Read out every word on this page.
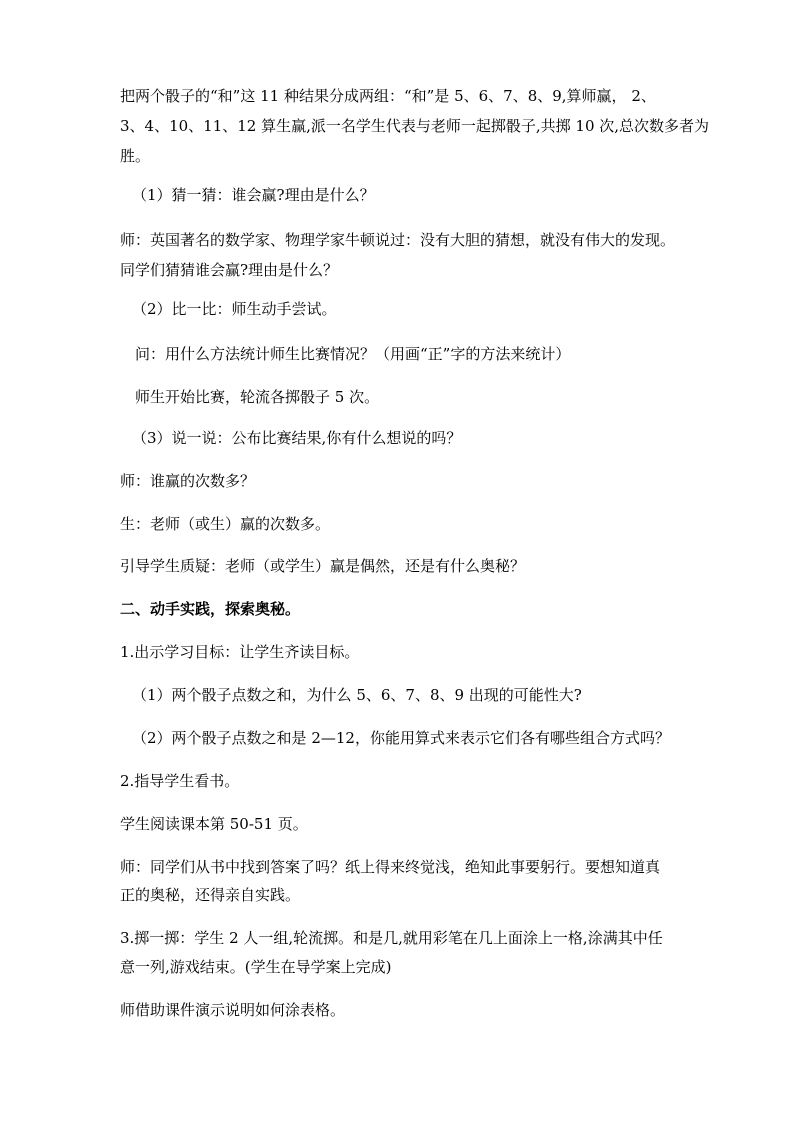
把两个骰子的“和”这 11 种结果分成两组：“和”是 5、6、7、8、9,算师赢， 2、
3、4、10、11、12 算生赢,派一名学生代表与老师一起掷骰子,共掷 10 次,总次数多者为
胜。
（1）猜一猜：谁会赢?理由是什么？
师：英国著名的数学家、物理学家牛顿说过：没有大胆的猜想，就没有伟大的发现。
同学们猜猜谁会赢?理由是什么？
（2）比一比：师生动手尝试。
问：用什么方法统计师生比赛情况？（用画“正”字的方法来统计）
师生开始比赛，轮流各掷骰子 5 次。
（3）说一说：公布比赛结果,你有什么想说的吗？
师：谁赢的次数多？
生：老师（或生）赢的次数多。
引导学生质疑：老师（或学生）赢是偶然，还是有什么奥秘？
二、动手实践，探索奥秘。
1.出示学习目标：让学生齐读目标。
（1）两个骰子点数之和，为什么 5、6、7、8、9 出现的可能性大?
（2）两个骰子点数之和是 2—12，你能用算式来表示它们各有哪些组合方式吗？
2.指导学生看书。
学生阅读课本第 50-51 页。
师：同学们从书中找到答案了吗？纸上得来终觉浅，绝知此事要躬行。要想知道真
正的奥秘，还得亲自实践。
3.掷一掷：学生 2 人一组,轮流掷。和是几,就用彩笔在几上面涂上一格,涂满其中任
意一列,游戏结束。(学生在导学案上完成)
师借助课件演示说明如何涂表格。
